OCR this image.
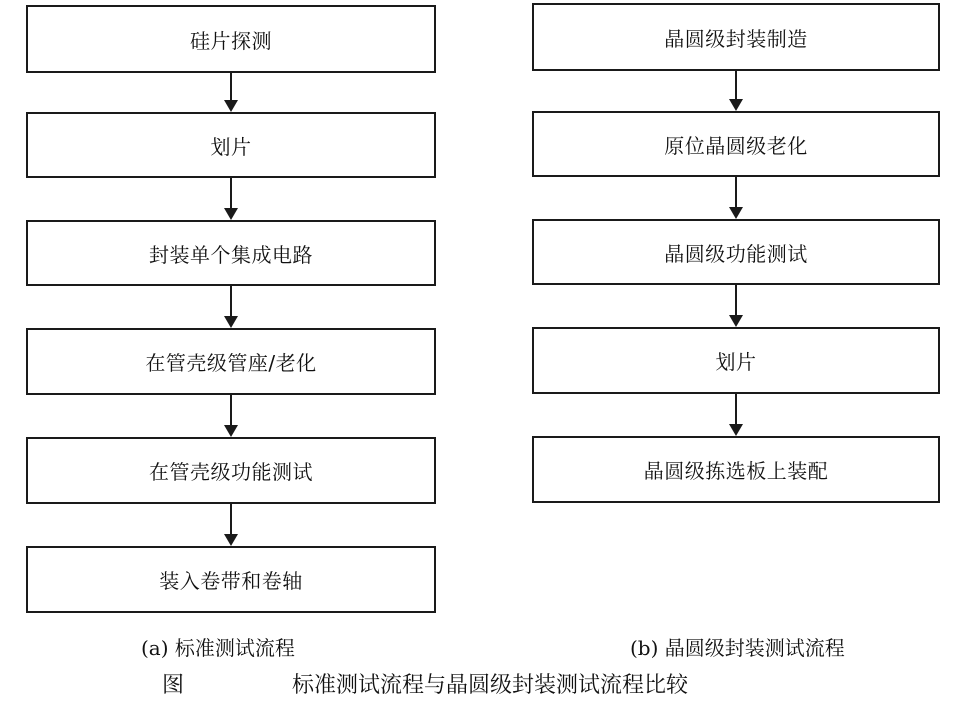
硅片探测
划片
封装单个集成电路
在管壳级管座/老化
在管壳级功能测试
装入卷带和卷轴
晶圆级封装制造
原位晶圆级老化
晶圆级功能测试
划片
晶圆级拣选板上装配
(a) 标准测试流程	(b) 晶圆级封装测试流程
图	标准测试流程与晶圆级封装测试流程比较
